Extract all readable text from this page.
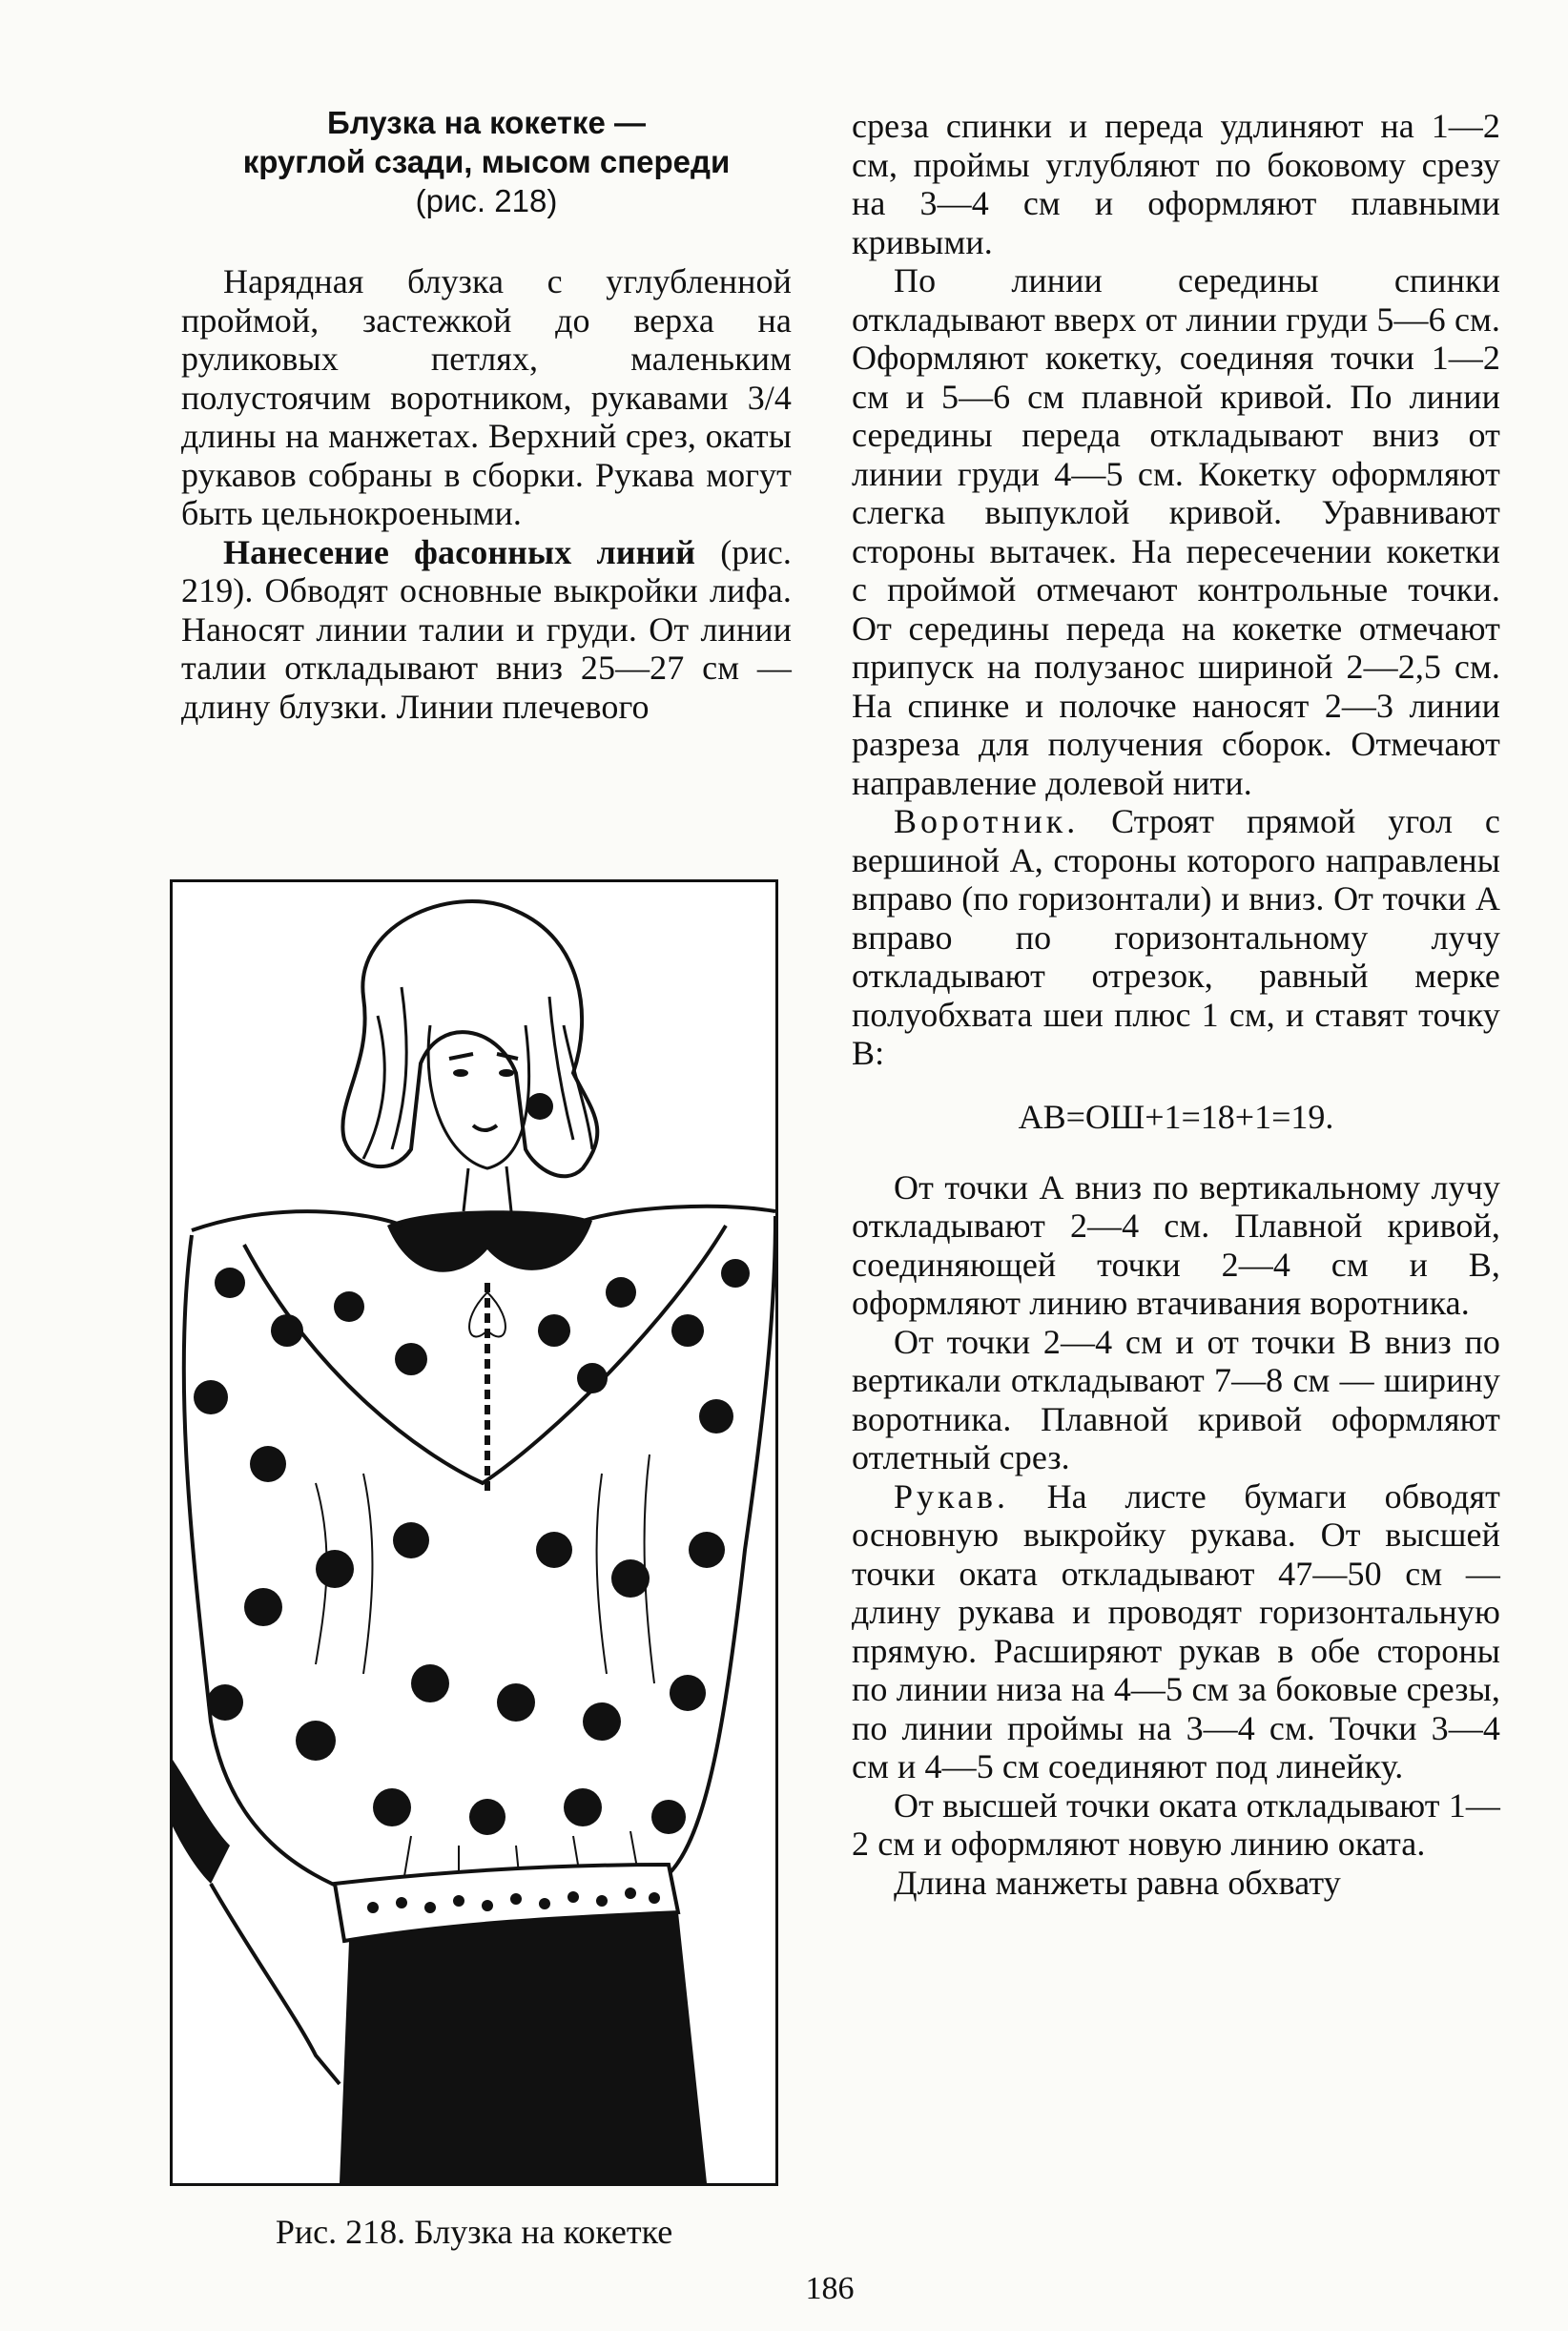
Блузка на кокетке —
круглой сзади, мысом спереди
(рис. 218)

Нарядная блузка с углубленной проймой, застежкой до верха на руликовых петлях, маленьким полустоячим воротником, рукавами 3/4 длины на манжетах. Верхний срез, окаты рукавов собраны в сборки. Рукава могут быть цельнокроеными.

Нанесение фасонных линий (рис. 219). Обводят основные выкройки лифа. Наносят линии талии и груди. От линии талии откладывают вниз 25—27 см — длину блузки. Линии плечевого

Рис. 218. Блузка на кокетке

среза спинки и переда удлиняют на 1—2 см, проймы углубляют по боковому срезу на 3—4 см и оформляют плавными кривыми.

По линии середины спинки откладывают вверх от линии груди 5—6 см. Оформляют кокетку, соединяя точки 1—2 см и 5—6 см плавной кривой. По линии середины переда откладывают вниз от линии груди 4—5 см. Кокетку оформляют слегка выпуклой кривой. Уравнивают стороны вытачек. На пересечении кокетки с проймой отмечают контрольные точки. От середины переда на кокетке отмечают припуск на полузанос шириной 2—2,5 см. На спинке и полочке наносят 2—3 линии разреза для получения сборок. Отмечают направление долевой нити.

Воротник. Строят прямой угол с вершиной А, стороны которого направлены вправо (по горизонтали) и вниз. От точки А вправо по горизонтальному лучу откладывают отрезок, равный мерке полуобхвата шеи плюс 1 см, и ставят точку В:

АВ=ОШ+1=18+1=19.

От точки А вниз по вертикальному лучу откладывают 2—4 см. Плавной кривой, соединяющей точки 2—4 см и В, оформляют линию втачивания воротника.

От точки 2—4 см и от точки В вниз по вертикали откладывают 7—8 см — ширину воротника. Плавной кривой оформляют отлетный срез.

Рукав. На листе бумаги обводят основную выкройку рукава. От высшей точки оката откладывают 47—50 см — длину рукава и проводят горизонтальную прямую. Расширяют рукав в обе стороны по линии низа на 4—5 см за боковые срезы, по линии проймы на 3—4 см. Точки 3—4 см и 4—5 см соединяют под линейку.

От высшей точки оката откладывают 1—2 см и оформляют новую линию оката.

Длина манжеты равна обхвату

186
